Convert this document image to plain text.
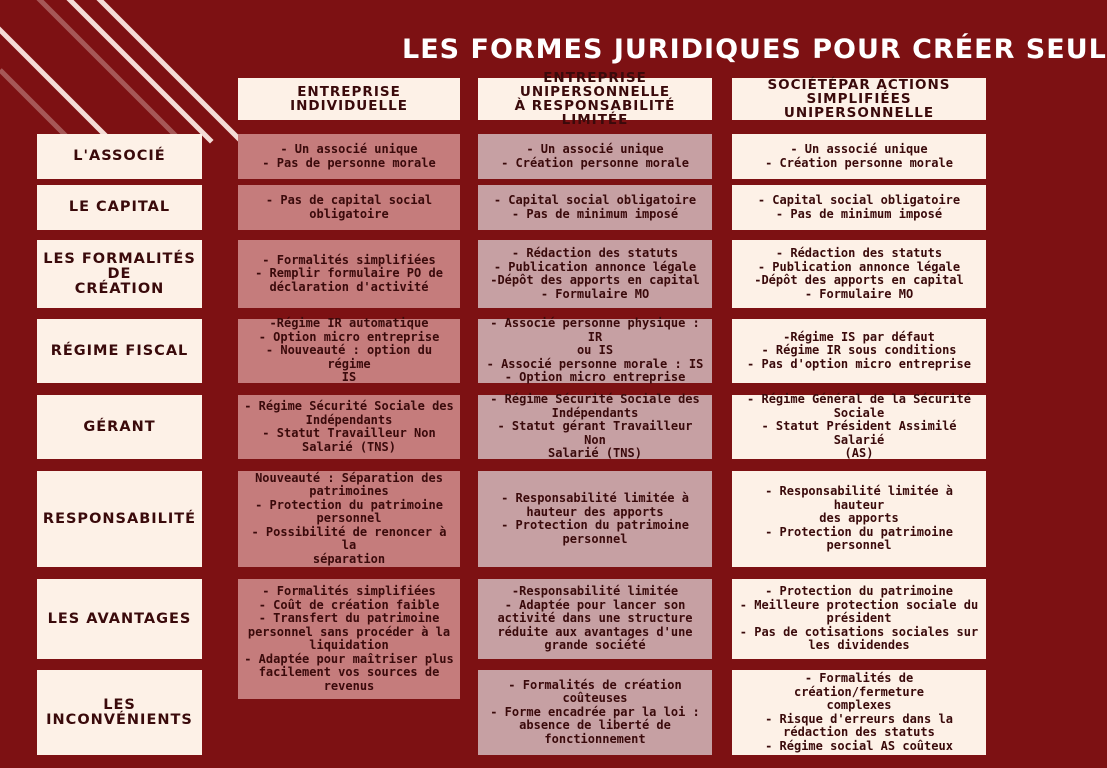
LES FORMES JURIDIQUES POUR CRÉER SEUL
ENTREPRISE INDIVIDUELLE
ENTREPRISE UNIPERSONNELLE
À RESPONSABILITÉ LIMITÉE
SOCIÉTÉPAR ACTIONS
SIMPLIFIÉES UNIPERSONNELLE
L'ASSOCIÉ	- Un associé unique
- Pas de personne morale
- Un associé unique
- Création personne morale
- Un associé unique
- Création personne morale
LE CAPITAL	- Pas de capital social
obligatoire
- Capital social obligatoire
- Pas de minimum imposé
- Capital social obligatoire
- Pas de minimum imposé
LES FORMALITÉS DE
CRÉATION
- Formalités simplifiées
- Remplir formulaire PO de
déclaration d'activité
- Rédaction des statuts
- Publication annonce légale
-Dépôt des apports en capital
- Formulaire MO
- Rédaction des statuts
- Publication annonce légale
-Dépôt des apports en capital
- Formulaire MO
RÉGIME FISCAL
-Régime IR automatique
- Option micro entreprise
- Nouveauté : option du régime
IS
- Associé personne physique : IR
ou IS
- Associé personne morale : IS
- Option micro entreprise
-Régime IS par défaut
- Régime IR sous conditions
- Pas d'option micro entreprise
GÉRANT
- Régime Sécurité Sociale des
Indépendants
- Statut Travailleur Non
Salarié (TNS)
- Régime Sécurité Sociale des
Indépendants
- Statut gérant Travailleur Non
Salarié (TNS)
- Régime Général de la Sécurité
Sociale
- Statut Président Assimilé Salarié
(AS)
RESPONSABILITÉ
Nouveauté : Séparation des
patrimoines
- Protection du patrimoine
personnel
- Possibilité de renoncer à la
séparation
- Responsabilité limitée à
hauteur des apports
- Protection du patrimoine
personnel
- Responsabilité limitée à hauteur
des apports
- Protection du patrimoine
personnel
LES AVANTAGES
- Formalités simplifiées
- Coût de création faible
- Transfert du patrimoine
personnel sans procéder à la
liquidation
- Adaptée pour maîtriser plus
facilement vos sources de
revenus
-Responsabilité limitée
- Adaptée pour lancer son
activité dans une structure
réduite aux avantages d'une
grande société
- Protection du patrimoine
- Meilleure protection sociale du
président
- Pas de cotisations sociales sur
les dividendes
LES INCONVÉNIENTS
- Formalités de création
coûteuses
- Forme encadrée par la loi :
absence de liberté de
fonctionnement
- Formalités de création/fermeture
complexes
- Risque d'erreurs dans la
rédaction des statuts
- Régime social AS coûteux
